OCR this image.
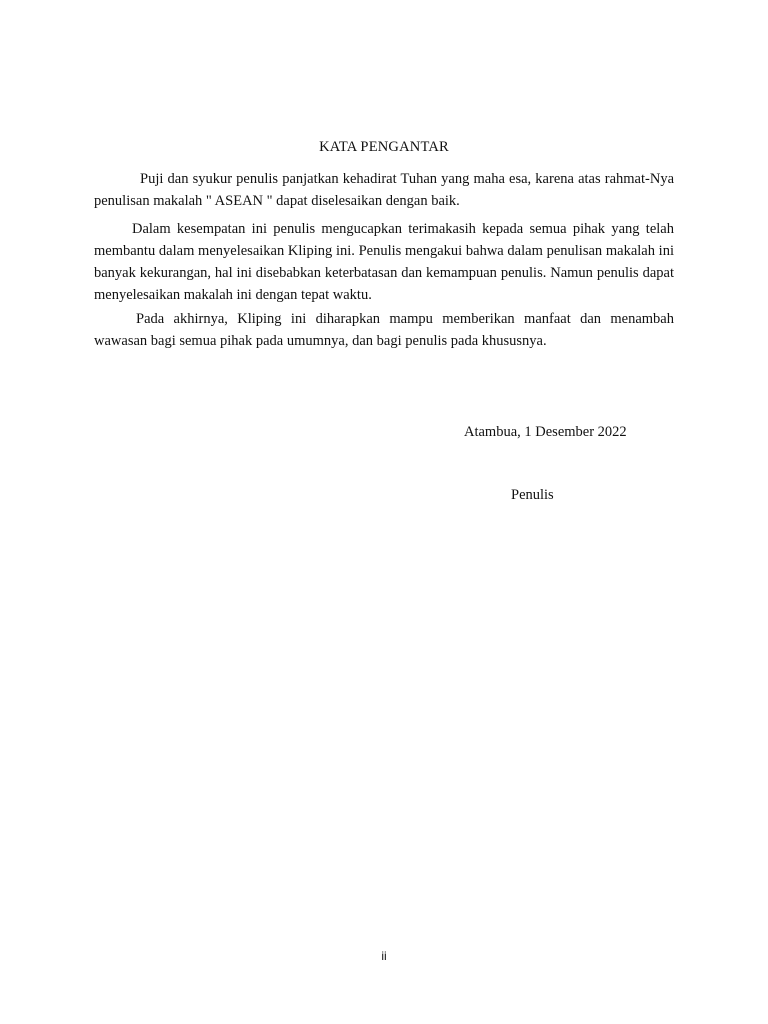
KATA PENGANTAR

Puji dan syukur penulis panjatkan kehadirat Tuhan yang maha esa, karena atas rahmat-Nya penulisan makalah " ASEAN " dapat diselesaikan dengan baik.

Dalam kesempatan ini penulis mengucapkan terimakasih kepada semua pihak yang telah membantu dalam menyelesaikan Kliping ini. Penulis mengakui bahwa dalam penulisan makalah ini banyak kekurangan, hal ini disebabkan keterbatasan dan kemampuan penulis. Namun penulis dapat menyelesaikan makalah ini dengan tepat waktu.

Pada akhirnya, Kliping ini diharapkan mampu memberikan manfaat dan menambah wawasan bagi semua pihak pada umumnya, dan bagi penulis pada khususnya.

Atambua, 1 Desember 2022
Penulis
ii
